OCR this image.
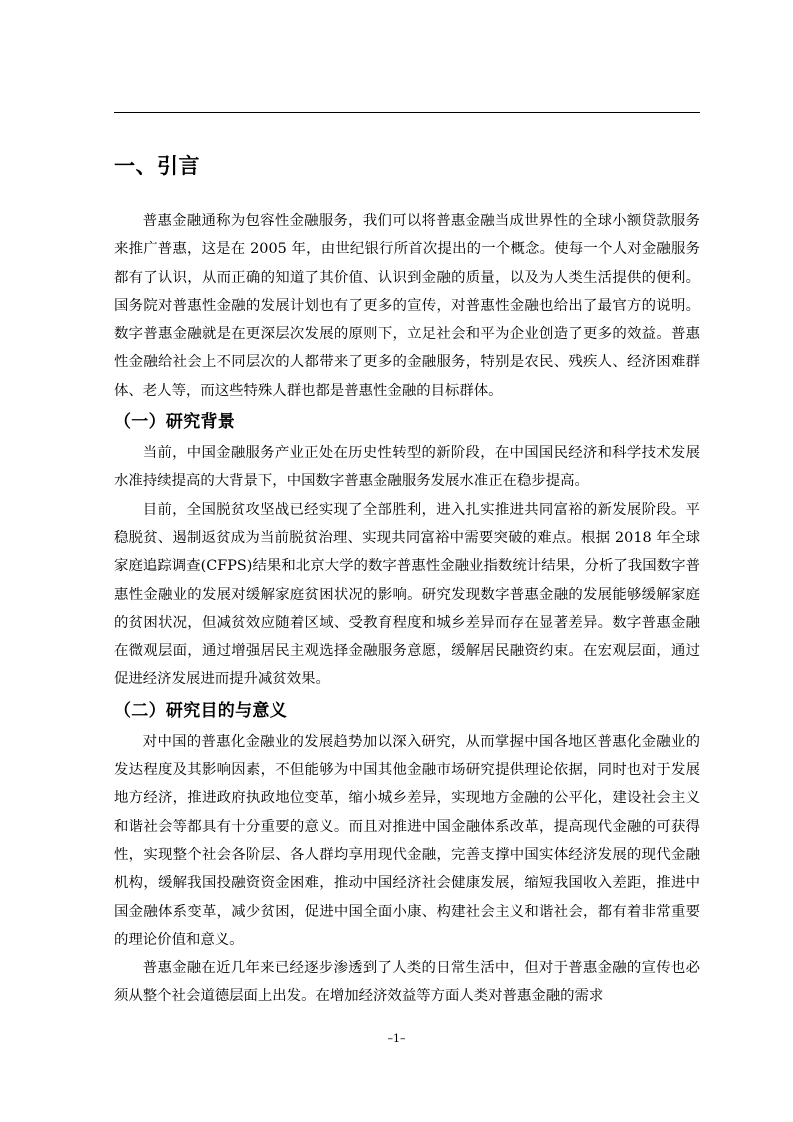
一、引言

普惠金融通称为包容性金融服务，我们可以将普惠金融当成世界性的全球小额贷款服务来推广普惠，这是在 2005 年，由世纪银行所首次提出的一个概念。使每一个人对金融服务都有了认识，从而正确的知道了其价值、认识到金融的质量，以及为人类生活提供的便利。国务院对普惠性金融的发展计划也有了更多的宣传，对普惠性金融也给出了最官方的说明。数字普惠金融就是在更深层次发展的原则下，立足社会和平为企业创造了更多的效益。普惠性金融给社会上不同层次的人都带来了更多的金融服务，特别是农民、残疾人、经济困难群体、老人等，而这些特殊人群也都是普惠性金融的目标群体。

（一）研究背景

当前，中国金融服务产业正处在历史性转型的新阶段，在中国国民经济和科学技术发展水准持续提高的大背景下，中国数字普惠金融服务发展水准正在稳步提高。

目前，全国脱贫攻坚战已经实现了全部胜利，进入扎实推进共同富裕的新发展阶段。平稳脱贫、遏制返贫成为当前脱贫治理、实现共同富裕中需要突破的难点。根据 2018 年全球家庭追踪调查(CFPS)结果和北京大学的数字普惠性金融业指数统计结果，分析了我国数字普惠性金融业的发展对缓解家庭贫困状况的影响。研究发现数字普惠金融的发展能够缓解家庭的贫困状况，但减贫效应随着区域、受教育程度和城乡差异而存在显著差异。数字普惠金融在微观层面，通过增强居民主观选择金融服务意愿，缓解居民融资约束。在宏观层面，通过促进经济发展进而提升减贫效果。

（二）研究目的与意义

对中国的普惠化金融业的发展趋势加以深入研究，从而掌握中国各地区普惠化金融业的发达程度及其影响因素，不但能够为中国其他金融市场研究提供理论依据，同时也对于发展地方经济，推进政府执政地位变革，缩小城乡差异，实现地方金融的公平化，建设社会主义和谐社会等都具有十分重要的意义。而且对推进中国金融体系改革，提高现代金融的可获得性，实现整个社会各阶层、各人群均享用现代金融，完善支撑中国实体经济发展的现代金融机构，缓解我国投融资资金困难，推动中国经济社会健康发展，缩短我国收入差距，推进中国金融体系变革，减少贫困，促进中国全面小康、构建社会主义和谐社会，都有着非常重要的理论价值和意义。

普惠金融在近几年来已经逐步渗透到了人类的日常生活中，但对于普惠金融的宣传也必须从整个社会道德层面上出发。在增加经济效益等方面人类对普惠金融的需求

–1–
